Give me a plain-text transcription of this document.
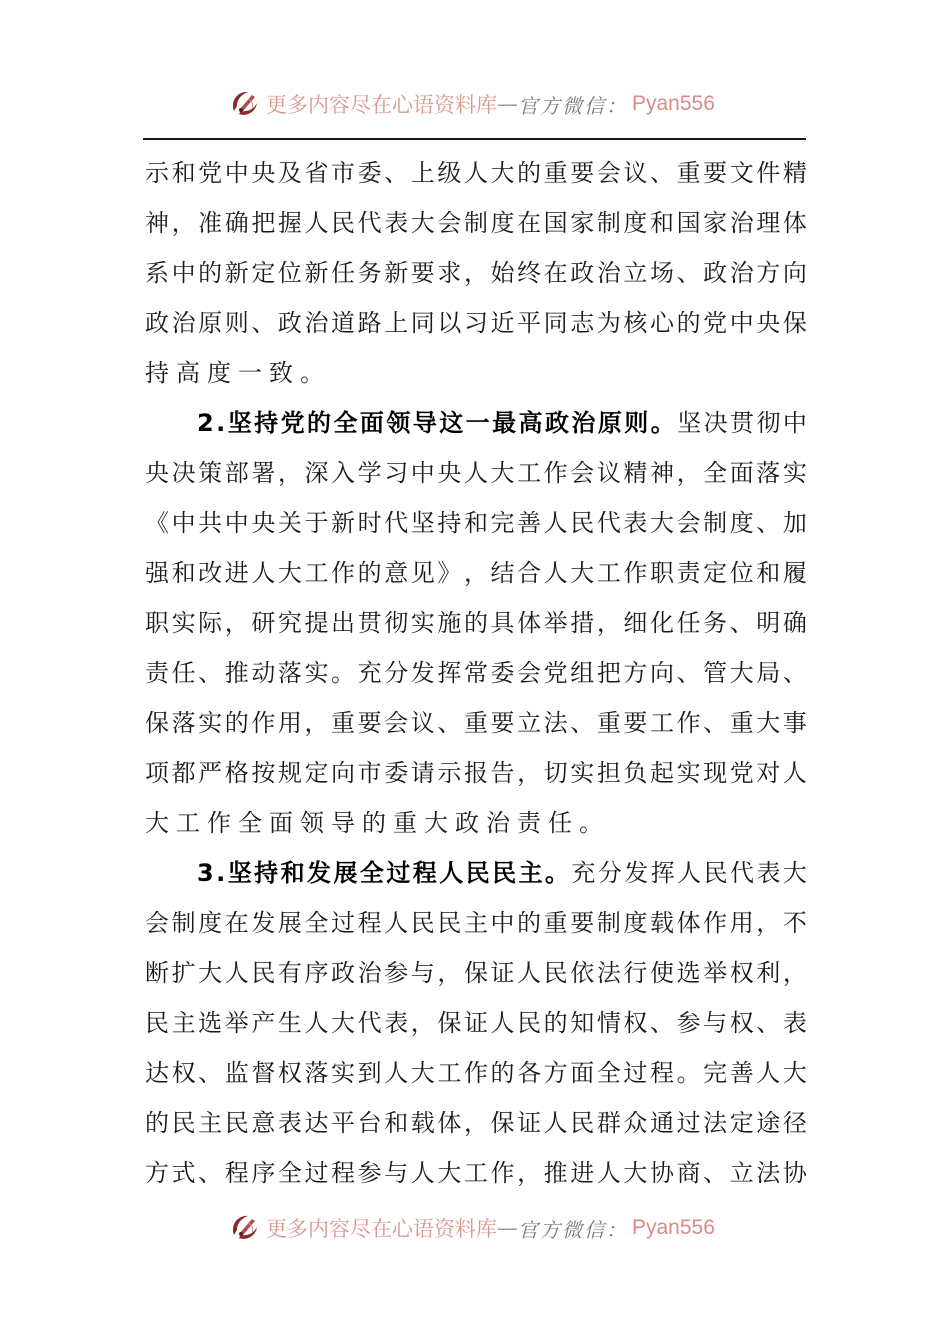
更多内容尽在心语资料库 — 官方微信： Pyan556
示 和 党 中 央 及 省 市 委 、 上 级 人 大 的 重 要 会 议 、 重 要 文 件 精
神 ， 准 确 把 握 人 民 代 表 大 会 制 度 在 国 家 制 度 和 国 家 治 理 体
系 中 的 新 定 位 新 任 务 新 要 求 ， 始 终 在 政 治 立 场 、 政 治 方 向
政 治 原 则 、 政 治 道 路 上 同 以 习 近 平 同 志 为 核 心 的 党 中 央 保
持高度一致。
2 . 坚 持 党 的 全 面 领 导 这 一 最 高 政 治 原 则 。 坚 决 贯 彻 中
央 决 策 部 署 ， 深 入 学 习 中 央 人 大 工 作 会 议 精 神 ， 全 面 落 实
《 中 共 中 央 关 于 新 时 代 坚 持 和 完 善 人 民 代 表 大 会 制 度 、 加
强 和 改 进 人 大 工 作 的 意 见 》 ， 结 合 人 大 工 作 职 责 定 位 和 履
职 实 际 ， 研 究 提 出 贯 彻 实 施 的 具 体 举 措 ， 细 化 任 务 、 明 确
责 任 、 推 动 落 实 。 充 分 发 挥 常 委 会 党 组 把 方 向 、 管 大 局 、
保 落 实 的 作 用 ， 重 要 会 议 、 重 要 立 法 、 重 要 工 作 、 重 大 事
项 都 严 格 按 规 定 向 市 委 请 示 报 告 ， 切 实 担 负 起 实 现 党 对 人
大工作全面领导的重大政治责任。
3 . 坚 持 和 发 展 全 过 程 人 民 民 主 。 充 分 发 挥 人 民 代 表 大
会 制 度 在 发 展 全 过 程 人 民 民 主 中 的 重 要 制 度 载 体 作 用 ， 不
断 扩 大 人 民 有 序 政 治 参 与 ， 保 证 人 民 依 法 行 使 选 举 权 利 ，
民 主 选 举 产 生 人 大 代 表 ， 保 证 人 民 的 知 情 权 、 参 与 权 、 表
达 权 、 监 督 权 落 实 到 人 大 工 作 的 各 方 面 全 过 程 。 完 善 人 大
的 民 主 民 意 表 达 平 台 和 载 体 ， 保 证 人 民 群 众 通 过 法 定 途 径
方 式 、 程 序 全 过 程 参 与 人 大 工 作 ， 推 进 人 大 协 商 、 立 法 协
更多内容尽在心语资料库 — 官方微信： Pyan556
